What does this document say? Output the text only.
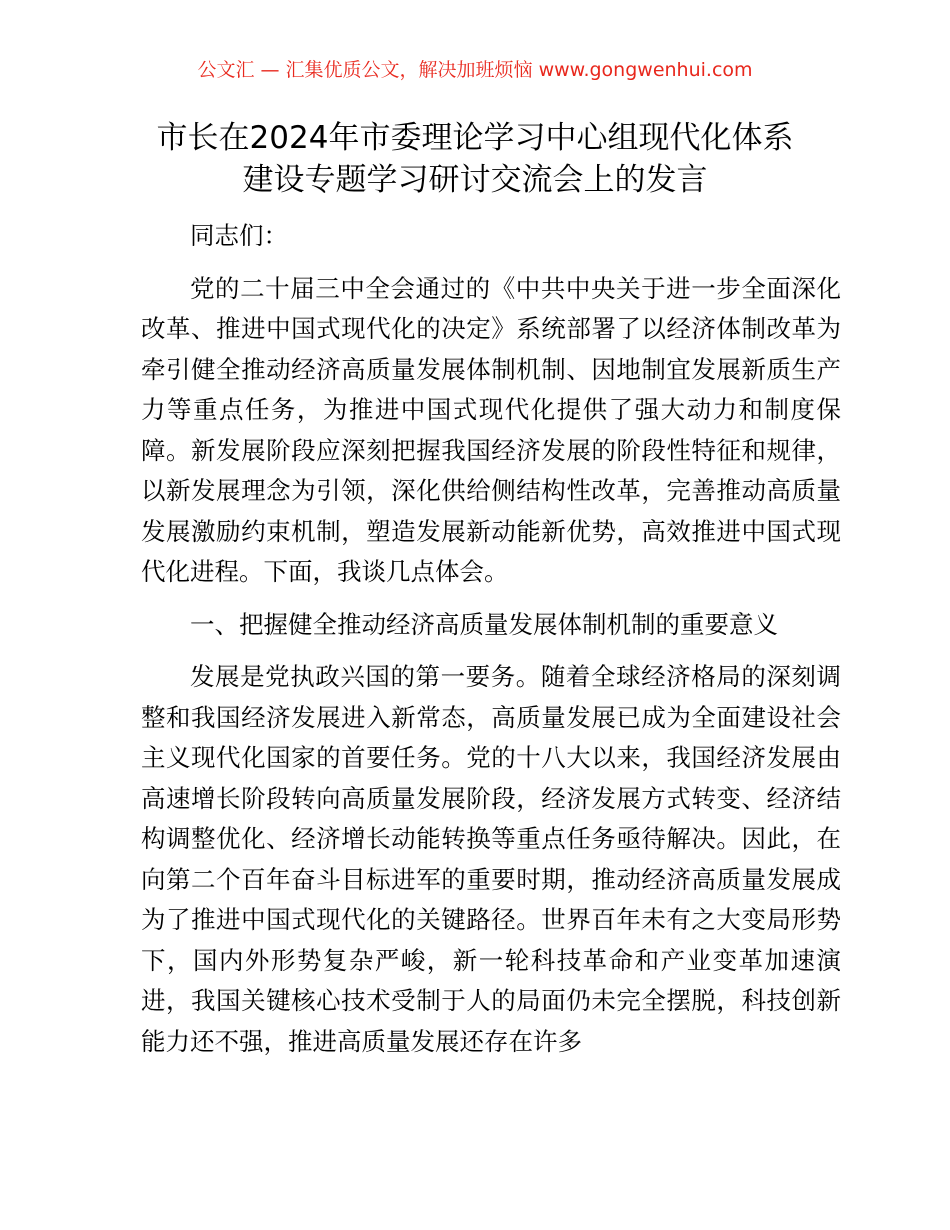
公文汇 — 汇集优质公文，解决加班烦恼 www.gongwenhui.com
市长在2024年市委理论学习中心组现代化体系
建设专题学习研讨交流会上的发言

同志们：

党的二十届三中全会通过的《中共中央关于进一步全面深化改革、推进中国式现代化的决定》系统部署了以经济体制改革为牵引健全推动经济高质量发展体制机制、因地制宜发展新质生产力等重点任务，为推进中国式现代化提供了强大动力和制度保障。新发展阶段应深刻把握我国经济发展的阶段性特征和规律，以新发展理念为引领，深化供给侧结构性改革，完善推动高质量发展激励约束机制，塑造发展新动能新优势，高效推进中国式现代化进程。下面，我谈几点体会。

一、把握健全推动经济高质量发展体制机制的重要意义

发展是党执政兴国的第一要务。随着全球经济格局的深刻调整和我国经济发展进入新常态，高质量发展已成为全面建设社会主义现代化国家的首要任务。党的十八大以来，我国经济发展由高速增长阶段转向高质量发展阶段，经济发展方式转变、经济结构调整优化、经济增长动能转换等重点任务亟待解决。因此，在向第二个百年奋斗目标进军的重要时期，推动经济高质量发展成为了推进中国式现代化的关键路径。世界百年未有之大变局形势下，国内外形势复杂严峻，新一轮科技革命和产业变革加速演进，我国关键核心技术受制于人的局面仍未完全摆脱，科技创新能力还不强，推进高质量发展还存在许多
